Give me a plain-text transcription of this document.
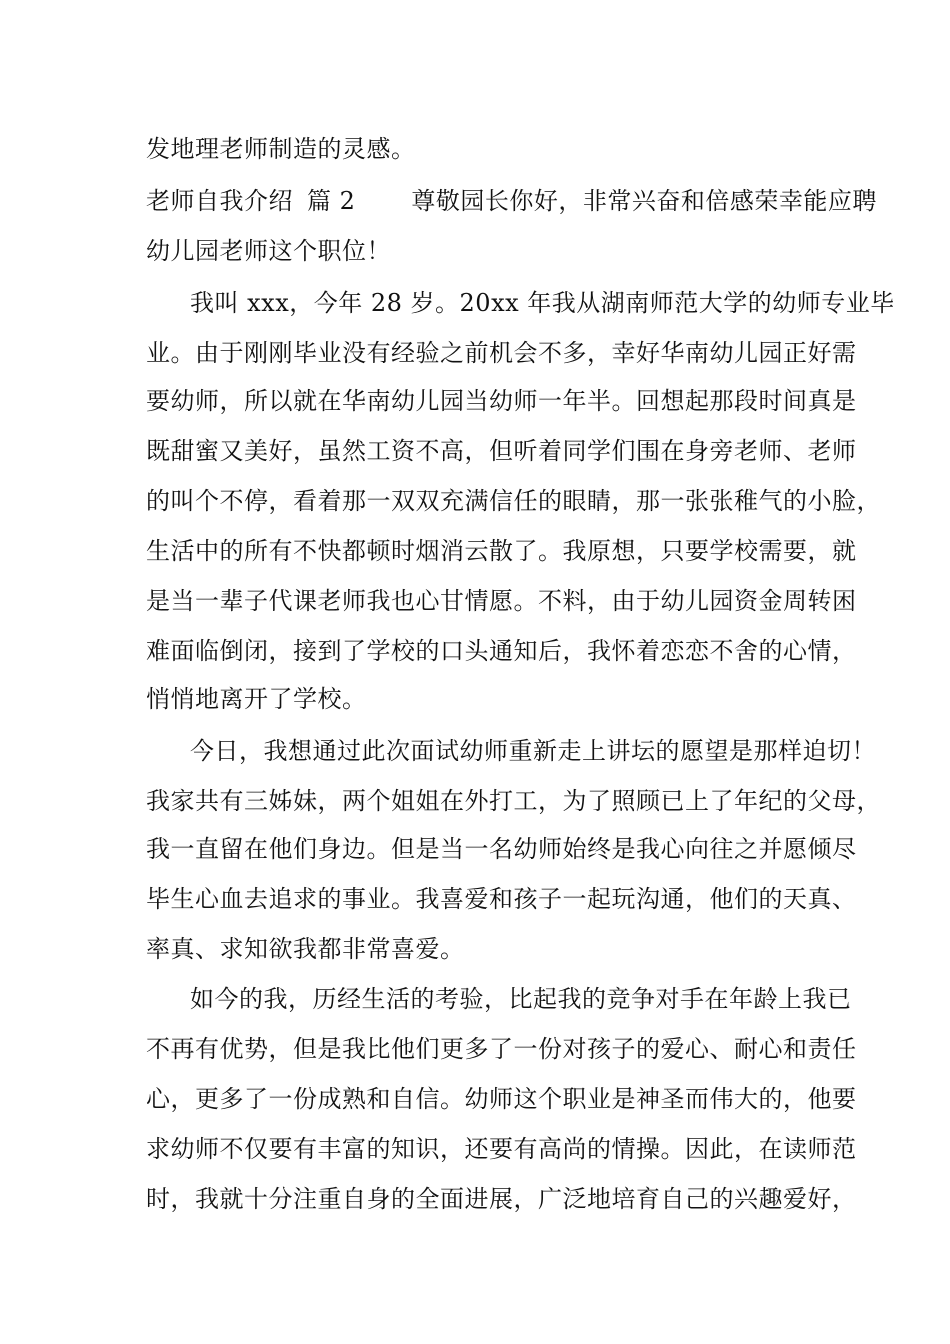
发地理老师制造的灵感。
老师自我介绍 篇 2 尊敬园长你好，非常兴奋和倍感荣幸能应聘
幼儿园老师这个职位！
我叫 xxx，今年 28 岁。20xx 年我从湖南师范大学的幼师专业毕
业。由于刚刚毕业没有经验之前机会不多，幸好华南幼儿园正好需
要幼师，所以就在华南幼儿园当幼师一年半。回想起那段时间真是
既甜蜜又美好，虽然工资不高，但听着同学们围在身旁老师、老师
的叫个不停，看着那一双双充满信任的眼睛，那一张张稚气的小脸，
生活中的所有不快都顿时烟消云散了。我原想，只要学校需要，就
是当一辈子代课老师我也心甘情愿。不料，由于幼儿园资金周转困
难面临倒闭，接到了学校的口头通知后，我怀着恋恋不舍的心情，
悄悄地离开了学校。
今日，我想通过此次面试幼师重新走上讲坛的愿望是那样迫切！
我家共有三姊妹，两个姐姐在外打工，为了照顾已上了年纪的父母，
我一直留在他们身边。但是当一名幼师始终是我心向往之并愿倾尽
毕生心血去追求的事业。我喜爱和孩子一起玩沟通，他们的天真、
率真、求知欲我都非常喜爱。
如今的我，历经生活的考验，比起我的竞争对手在年龄上我已
不再有优势，但是我比他们更多了一份对孩子的爱心、耐心和责任
心，更多了一份成熟和自信。幼师这个职业是神圣而伟大的，他要
求幼师不仅要有丰富的知识，还要有高尚的情操。因此，在读师范
时，我就十分注重自身的全面进展，广泛地培育自己的兴趣爱好，
